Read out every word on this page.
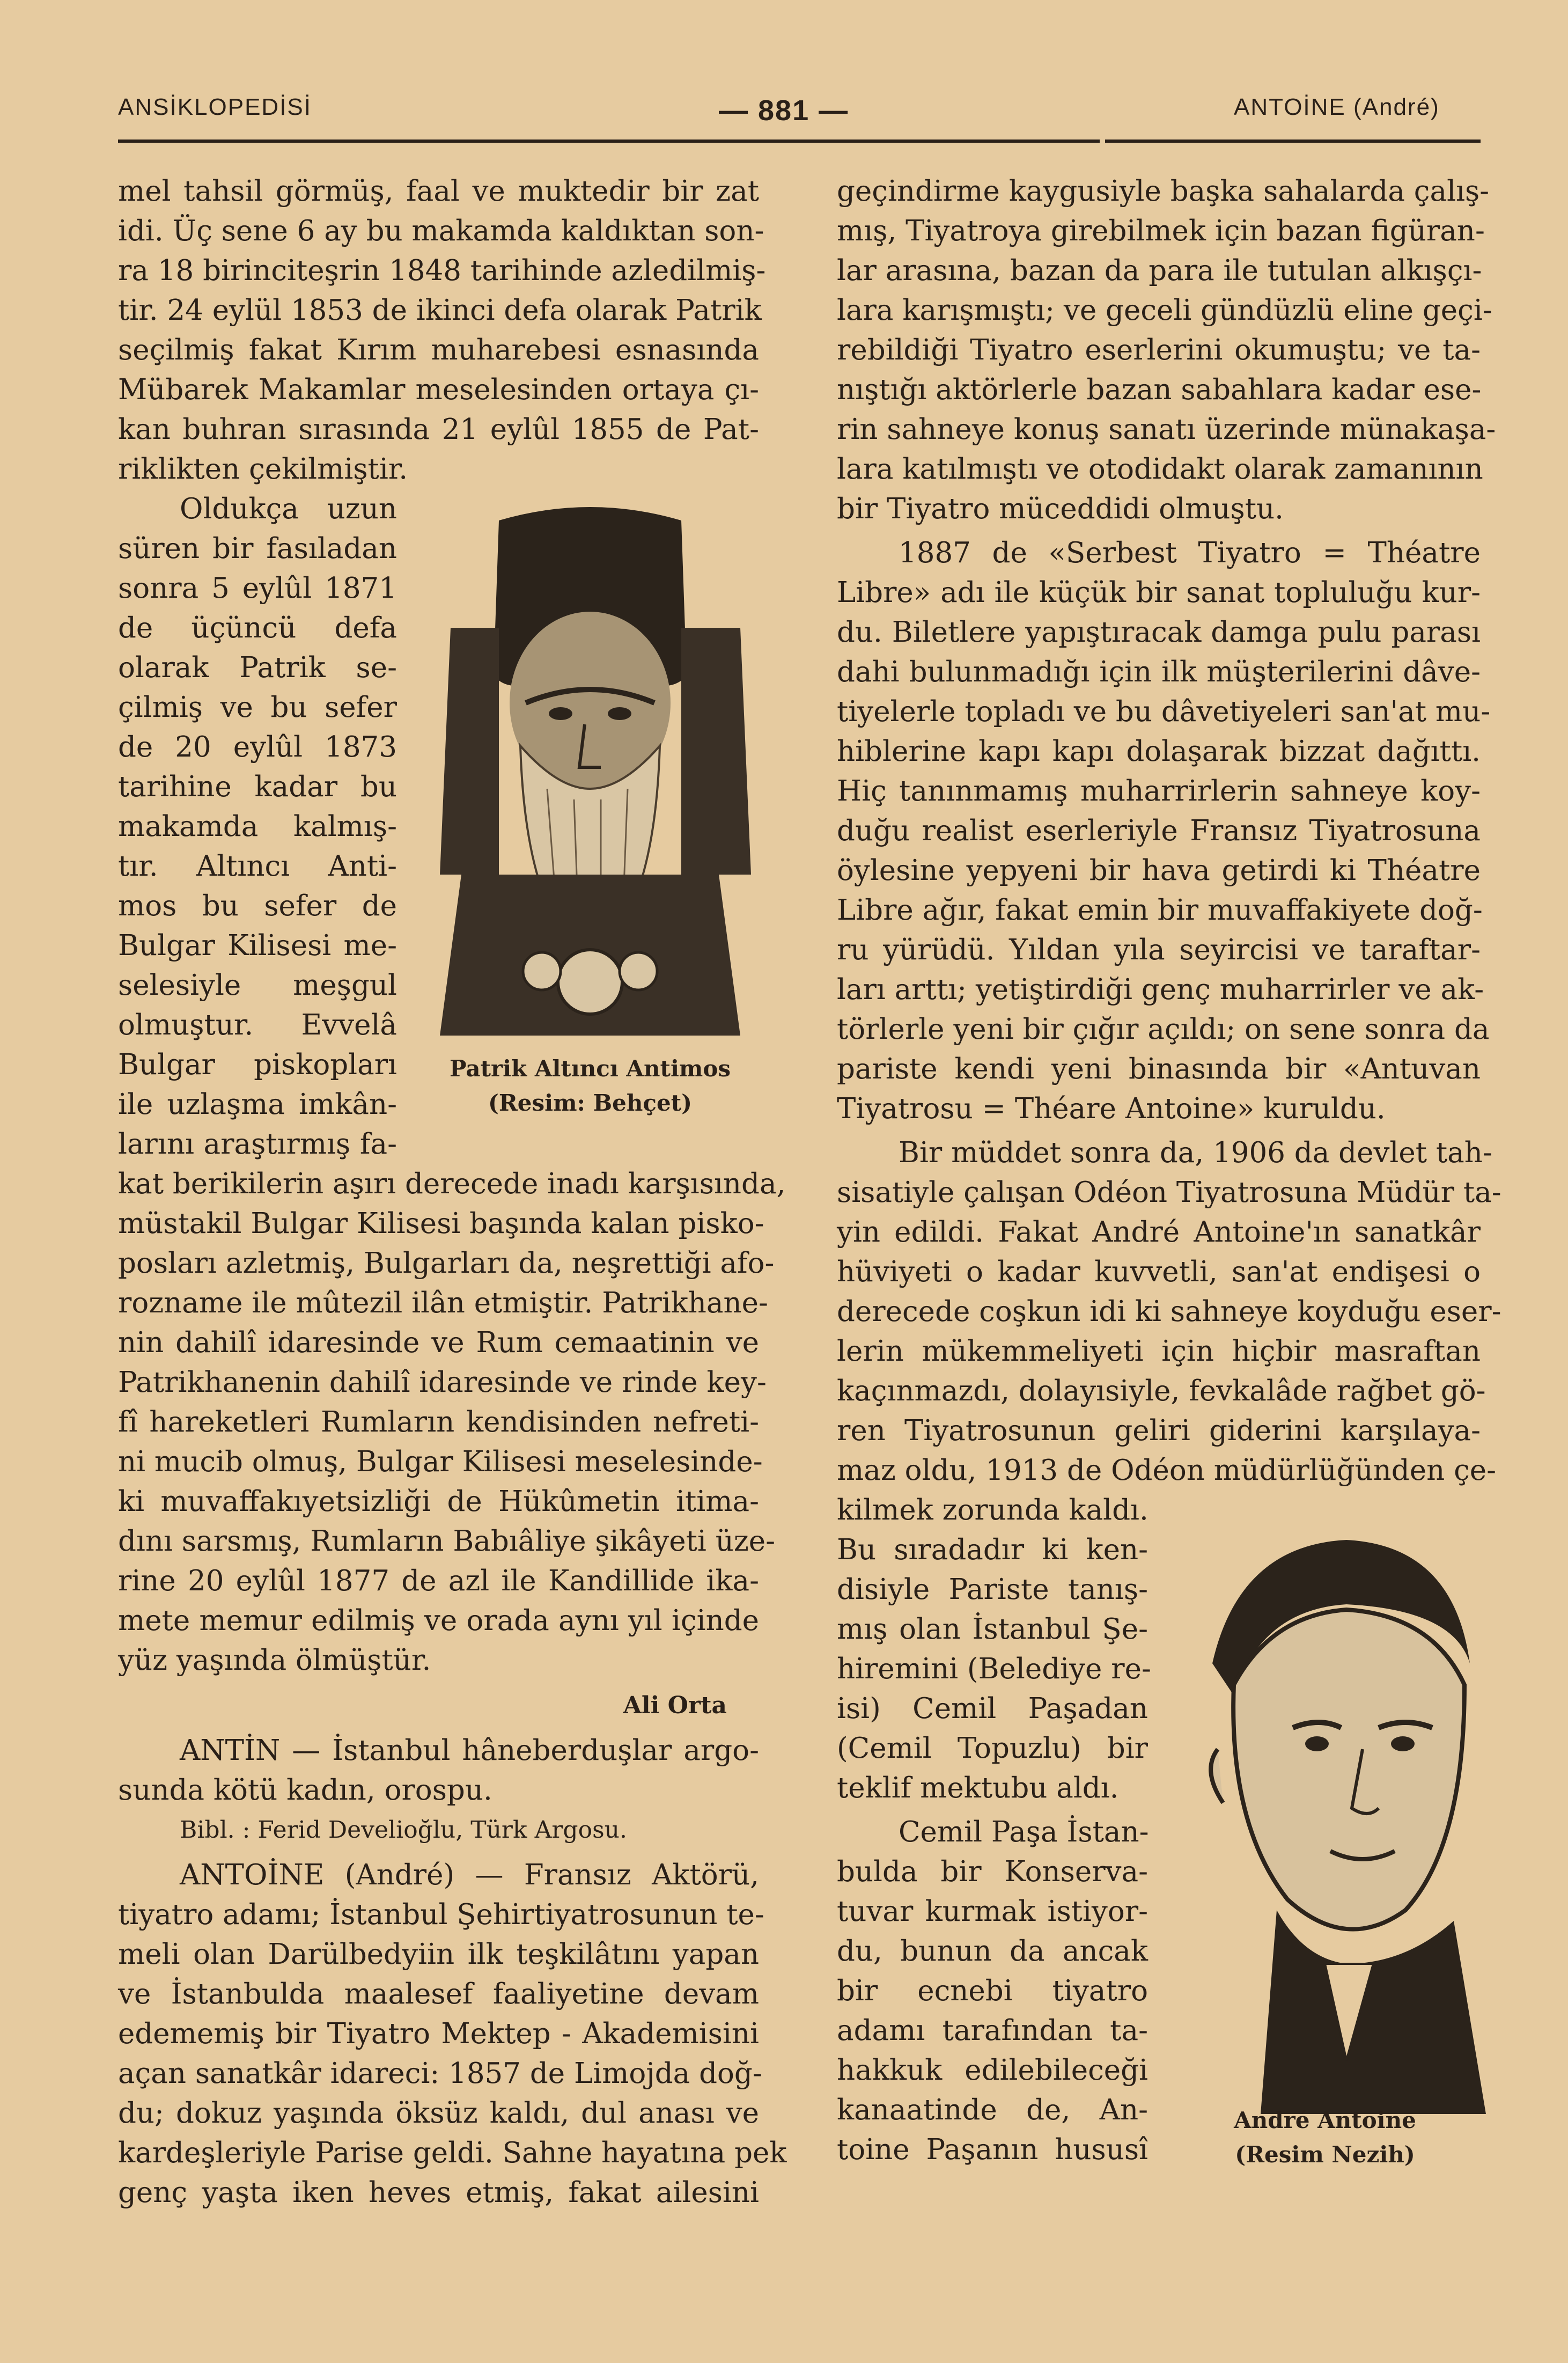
ANSİKLOPEDİSİ	— 881 —	ANTOİNE (André)
mel tahsil görmüş, faal ve muktedir bir zat
idi. Üç sene 6 ay bu makamda kaldıktan son-
ra 18 birinciteşrin 1848 tarihinde azledilmiş-
tir. 24 eylül 1853 de ikinci defa olarak Patrik
seçilmiş fakat Kırım muharebesi esnasında
Mübarek Makamlar meselesinden ortaya çı-
kan buhran sırasında 21 eylûl 1855 de Pat-
riklikten çekilmiştir.
Oldukça uzun
süren bir fasıladan
sonra 5 eylûl 1871
de üçüncü defa
olarak Patrik se-
çilmiş ve bu sefer
de 20 eylûl 1873
tarihine kadar bu
makamda kalmış-
tır. Altıncı Anti-
mos bu sefer de
Bulgar Kilisesi me-
selesiyle meşgul
olmuştur. Evvelâ
Bulgar piskopları
ile uzlaşma imkân-
larını araştırmış fa-
kat berikilerin aşırı derecede inadı karşısında,
müstakil Bulgar Kilisesi başında kalan pisko-
posları azletmiş, Bulgarları da, neşrettiği afo-
rozname ile mûtezil ilân etmiştir. Patrikhane-
nin dahilî idaresinde ve Rum cemaatinin ve
Patrikhanenin dahilî idaresinde ve rinde key-
fî hareketleri Rumların kendisinden nefreti-
ni mucib olmuş, Bulgar Kilisesi meselesinde-
ki muvaffakıyetsizliği de Hükûmetin itima-
dını sarsmış, Rumların Babıâliye şikâyeti üze-
rine 20 eylûl 1877 de azl ile Kandillide ika-
mete memur edilmiş ve orada aynı yıl içinde
yüz yaşında ölmüştür.
Ali Orta
ANTİN — İstanbul hâneberduşlar argo-
sunda kötü kadın, orospu.
Bibl. : Ferid Develioğlu, Türk Argosu.
ANTOİNE (André) — Fransız Aktörü,
tiyatro adamı; İstanbul Şehirtiyatrosunun te-
meli olan Darülbedyiin ilk teşkilâtını yapan
ve İstanbulda maalesef faaliyetine devam
edememiş bir Tiyatro Mektep - Akademisini
açan sanatkâr idareci: 1857 de Limojda doğ-
du; dokuz yaşında öksüz kaldı, dul anası ve
kardeşleriyle Parise geldi. Sahne hayatına pek
genç yaşta iken heves etmiş, fakat ailesini
Patrik Altıncı Antimos
(Resim: Behçet)
geçindirme kaygusiyle başka sahalarda çalış-
mış, Tiyatroya girebilmek için bazan figüran-
lar arasına, bazan da para ile tutulan alkışçı-
lara karışmıştı; ve geceli gündüzlü eline geçi-
rebildiği Tiyatro eserlerini okumuştu; ve ta-
nıştığı aktörlerle bazan sabahlara kadar ese-
rin sahneye konuş sanatı üzerinde münakaşa-
lara katılmıştı ve otodidakt olarak zamanının
bir Tiyatro müceddidi olmuştu.
1887 de «Serbest Tiyatro = Théatre
Libre» adı ile küçük bir sanat topluluğu kur-
du. Biletlere yapıştıracak damga pulu parası
dahi bulunmadığı için ilk müşterilerini dâve-
tiyelerle topladı ve bu dâvetiyeleri san'at mu-
hiblerine kapı kapı dolaşarak bizzat dağıttı.
Hiç tanınmamış muharrirlerin sahneye koy-
duğu realist eserleriyle Fransız Tiyatrosuna
öylesine yepyeni bir hava getirdi ki Théatre
Libre ağır, fakat emin bir muvaffakiyete doğ-
ru yürüdü. Yıldan yıla seyircisi ve taraftar-
ları arttı; yetiştirdiği genç muharrirler ve ak-
törlerle yeni bir çığır açıldı; on sene sonra da
pariste kendi yeni binasında bir «Antuvan
Tiyatrosu = Théare Antoine» kuruldu.
Bir müddet sonra da, 1906 da devlet tah-
sisatiyle çalışan Odéon Tiyatrosuna Müdür ta-
yin edildi. Fakat André Antoine'ın sanatkâr
hüviyeti o kadar kuvvetli, san'at endişesi o
derecede coşkun idi ki sahneye koyduğu eser-
lerin mükemmeliyeti için hiçbir masraftan
kaçınmazdı, dolayısiyle, fevkalâde rağbet gö-
ren Tiyatrosunun geliri giderini karşılaya-
maz oldu, 1913 de Odéon müdürlüğünden çe-
kilmek zorunda kaldı.
Bu sıradadır ki ken-
disiyle Pariste tanış-
mış olan İstanbul Şe-
hiremini (Belediye re-
isi) Cemil Paşadan
(Cemil Topuzlu) bir
teklif mektubu aldı.
Cemil Paşa İstan-
bulda bir Konserva-
tuvar kurmak istiyor-
du, bunun da ancak
bir ecnebi tiyatro
adamı tarafından ta-
hakkuk edilebileceği
kanaatinde de, An-
toine Paşanın hususî
André Antoine
(Resim Nezih)
